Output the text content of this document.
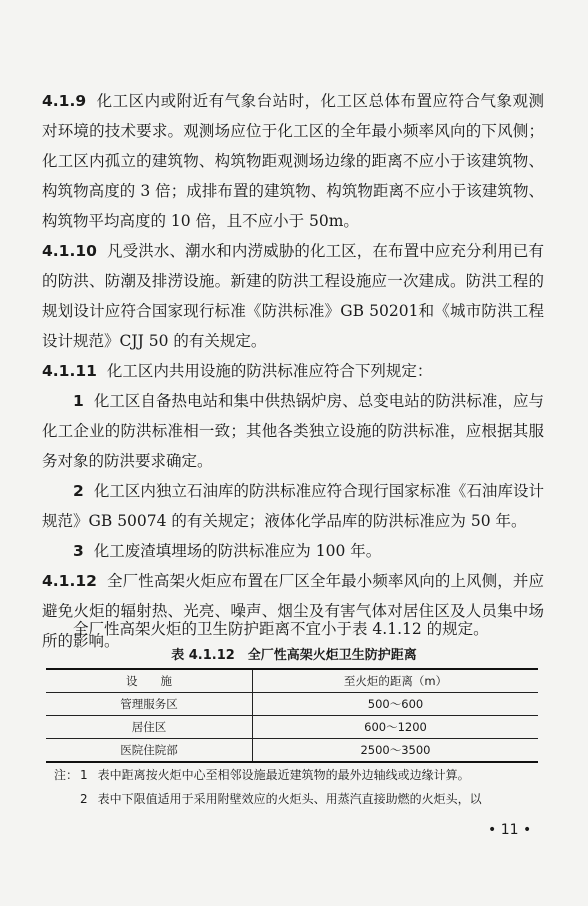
4.1.9 化工区内或附近有气象台站时，化工区总体布置应符合气象观测对环境的技术要求。观测场应位于化工区的全年最小频率风向的下风侧；化工区内孤立的建筑物、构筑物距观测场边缘的距离不应小于该建筑物、构筑物高度的 3 倍；成排布置的建筑物、构筑物距离不应小于该建筑物、构筑物平均高度的 10 倍，且不应小于 50m。

4.1.10 凡受洪水、潮水和内涝威胁的化工区，在布置中应充分利用已有的防洪、防潮及排涝设施。新建的防洪工程设施应一次建成。防洪工程的规划设计应符合国家现行标准《防洪标准》GB 50201和《城市防洪工程设计规范》CJJ 50 的有关规定。

4.1.11 化工区内共用设施的防洪标准应符合下列规定：

1 化工区自备热电站和集中供热锅炉房、总变电站的防洪标准，应与化工企业的防洪标准相一致；其他各类独立设施的防洪标准，应根据其服务对象的防洪要求确定。

2 化工区内独立石油库的防洪标准应符合现行国家标准《石油库设计规范》GB 50074 的有关规定；液体化学品库的防洪标准应为 50 年。

3 化工废渣填埋场的防洪标准应为 100 年。

4.1.12 全厂性高架火炬应布置在厂区全年最小频率风向的上风侧，并应避免火炬的辐射热、光亮、噪声、烟尘及有害气体对居住区及人员集中场所的影响。

全厂性高架火炬的卫生防护距离不宜小于表 4.1.12 的规定。

表 4.1.12　全厂性高架火炬卫生防护距离
设　　施	至火炬的距离（m）
管理服务区	500～600
居住区	600～1200
医院住院部	2500～3500

注： 1 表中距离按火炬中心至相邻设施最近建筑物的最外边轴线或边缘计算。

2 表中下限值适用于采用附壁效应的火炬头、用蒸汽直接助燃的火炬头，以

• 11 •
